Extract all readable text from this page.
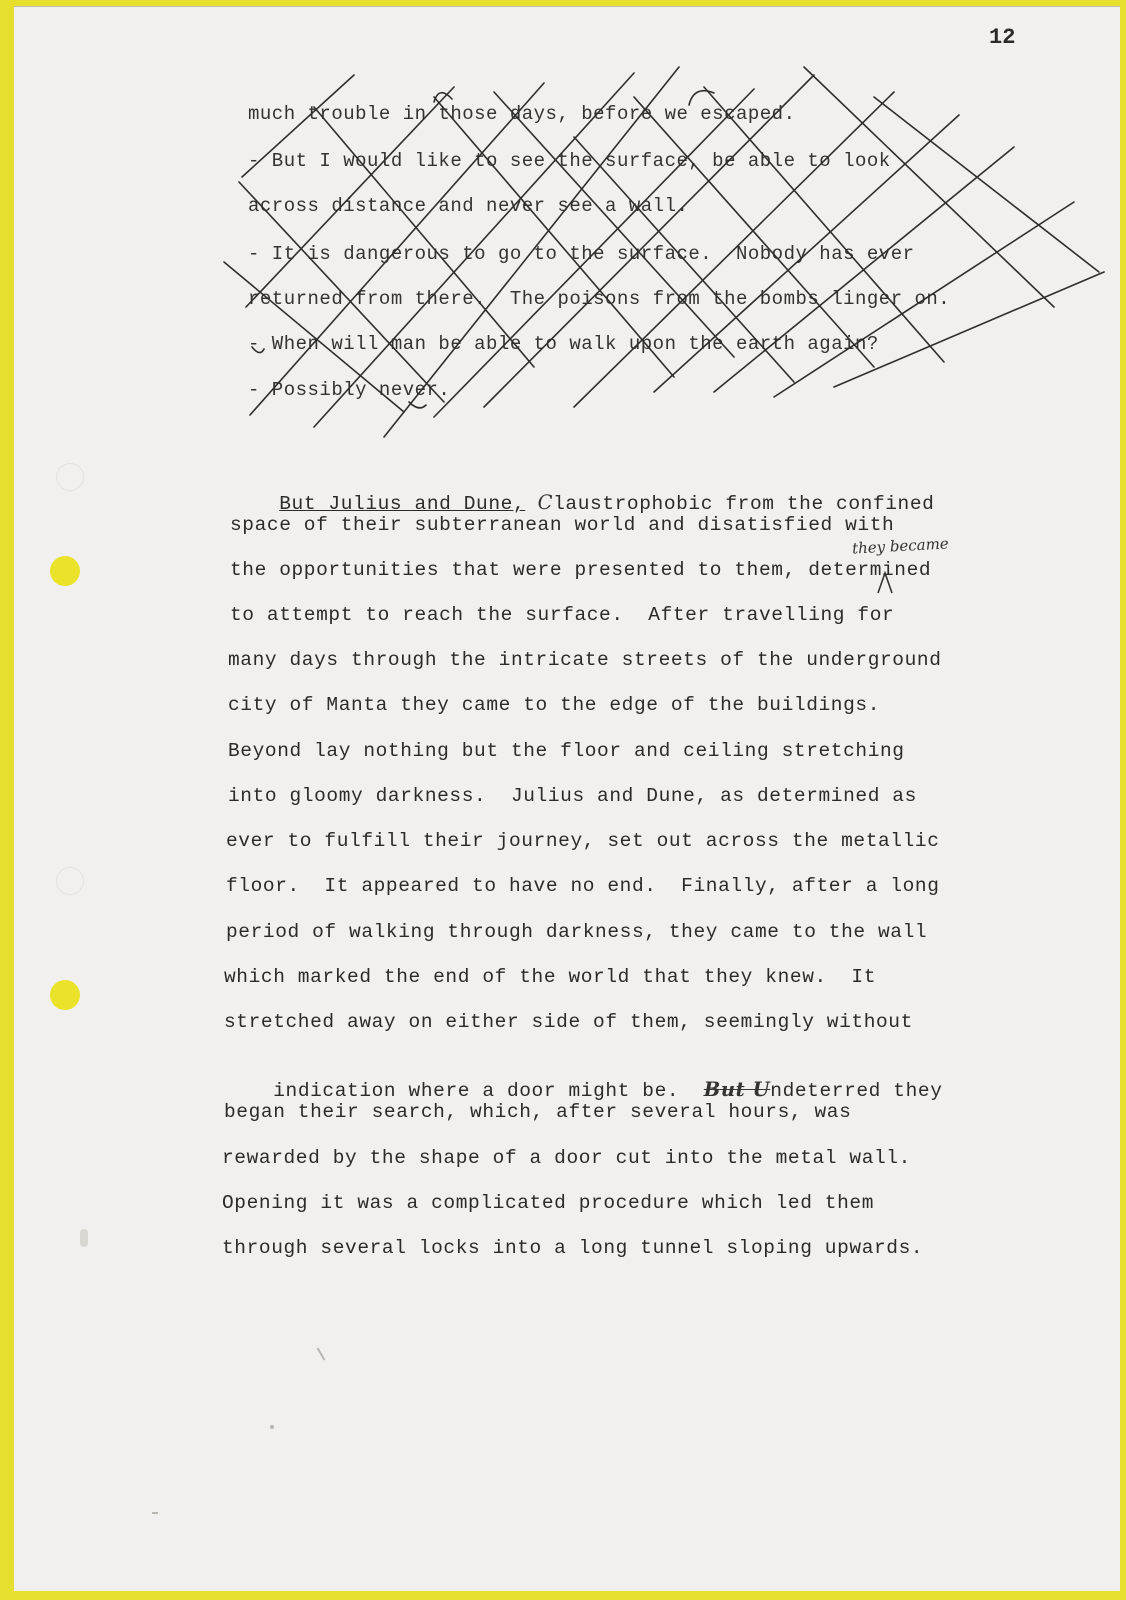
12
much trouble in those days, before we escaped.
- But I would like to see the surface, be able to look
across distance and never see a wall.
- It is dangerous to go to the surface.  Nobody has ever
returned from there.  The poisons from the bombs linger on.
- When will man be able to walk upon the earth again?
- Possibly never.
they became

But Julius and Dune, Claustrophobic from the confined

space of their subterranean world and disatisfied with
the opportunities that were presented to them, determined
to attempt to reach the surface.  After travelling for
many days through the intricate streets of the underground
city of Manta they came to the edge of the buildings.
Beyond lay nothing but the floor and ceiling stretching
into gloomy darkness.  Julius and Dune, as determined as
ever to fulfill their journey, set out across the metallic
floor.  It appeared to have no end.  Finally, after a long
period of walking through darkness, they came to the wall
which marked the end of the world that they knew.  It
stretched away on either side of them, seemingly without

indication where a door might be.  But Undeterred they

began their search, which, after several hours, was
rewarded by the shape of a door cut into the metal wall.
Opening it was a complicated procedure which led them
through several locks into a long tunnel sloping upwards.
